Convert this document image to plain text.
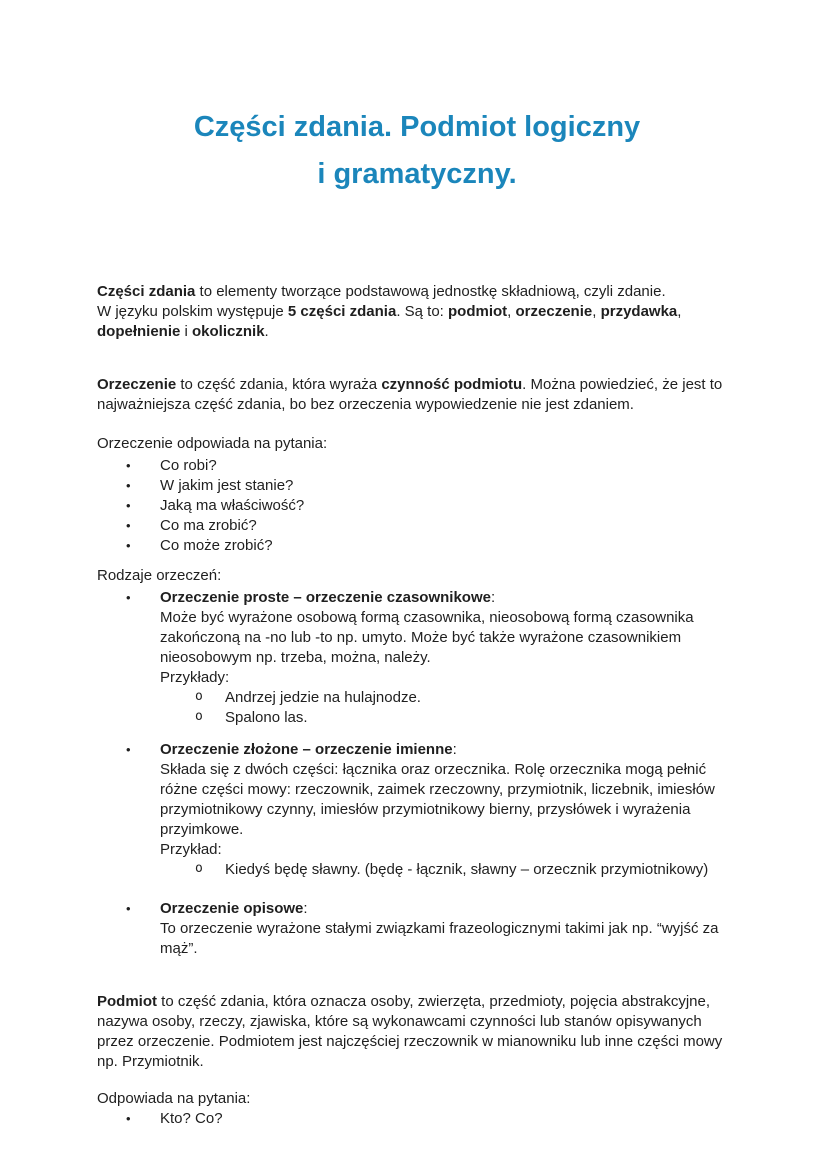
Części zdania. Podmiot logiczny
i gramatyczny.
Części zdania to elementy tworzące podstawową jednostkę składniową, czyli zdanie.
W języku polskim występuje 5 części zdania. Są to: podmiot, orzeczenie, przydawka, dopełnienie i okolicznik.
Orzeczenie to część zdania, która wyraża czynność podmiotu. Można powiedzieć, że jest to najważniejsza część zdania, bo bez orzeczenia wypowiedzenie nie jest zdaniem.
Orzeczenie odpowiada na pytania:
• Co robi?
• W jakim jest stanie?
• Jaką ma właściwość?
• Co ma zrobić?
• Co może zrobić?
Rodzaje orzeczeń:
• Orzeczenie proste – orzeczenie czasownikowe:
Może być wyrażone osobową formą czasownika, nieosobową formą czasownika zakończoną na -no lub -to np. umyto. Może być także wyrażone czasownikiem nieosobowym np. trzeba, można, należy.
Przykłady:
o Andrzej jedzie na hulajnodze.
o Spalono las.
• Orzeczenie złożone – orzeczenie imienne:
Składa się z dwóch części: łącznika oraz orzecznika. Rolę orzecznika mogą pełnić różne części mowy: rzeczownik, zaimek rzeczowny, przymiotnik, liczebnik, imiesłów przymiotnikowy czynny, imiesłów przymiotnikowy bierny, przysłówek i wyrażenia przyimkowe.
Przykład:
o Kiedyś będę sławny. (będę - łącznik, sławny – orzecznik przymiotnikowy)
• Orzeczenie opisowe:
To orzeczenie wyrażone stałymi związkami frazeologicznymi takimi jak np. “wyjść za mąż”.
Podmiot to część zdania, która oznacza osoby, zwierzęta, przedmioty, pojęcia abstrakcyjne, nazywa osoby, rzeczy, zjawiska, które są wykonawcami czynności lub stanów opisywanych przez orzeczenie. Podmiotem jest najczęściej rzeczownik w mianowniku lub inne części mowy np. Przymiotnik.
Odpowiada na pytania:
• Kto? Co?
